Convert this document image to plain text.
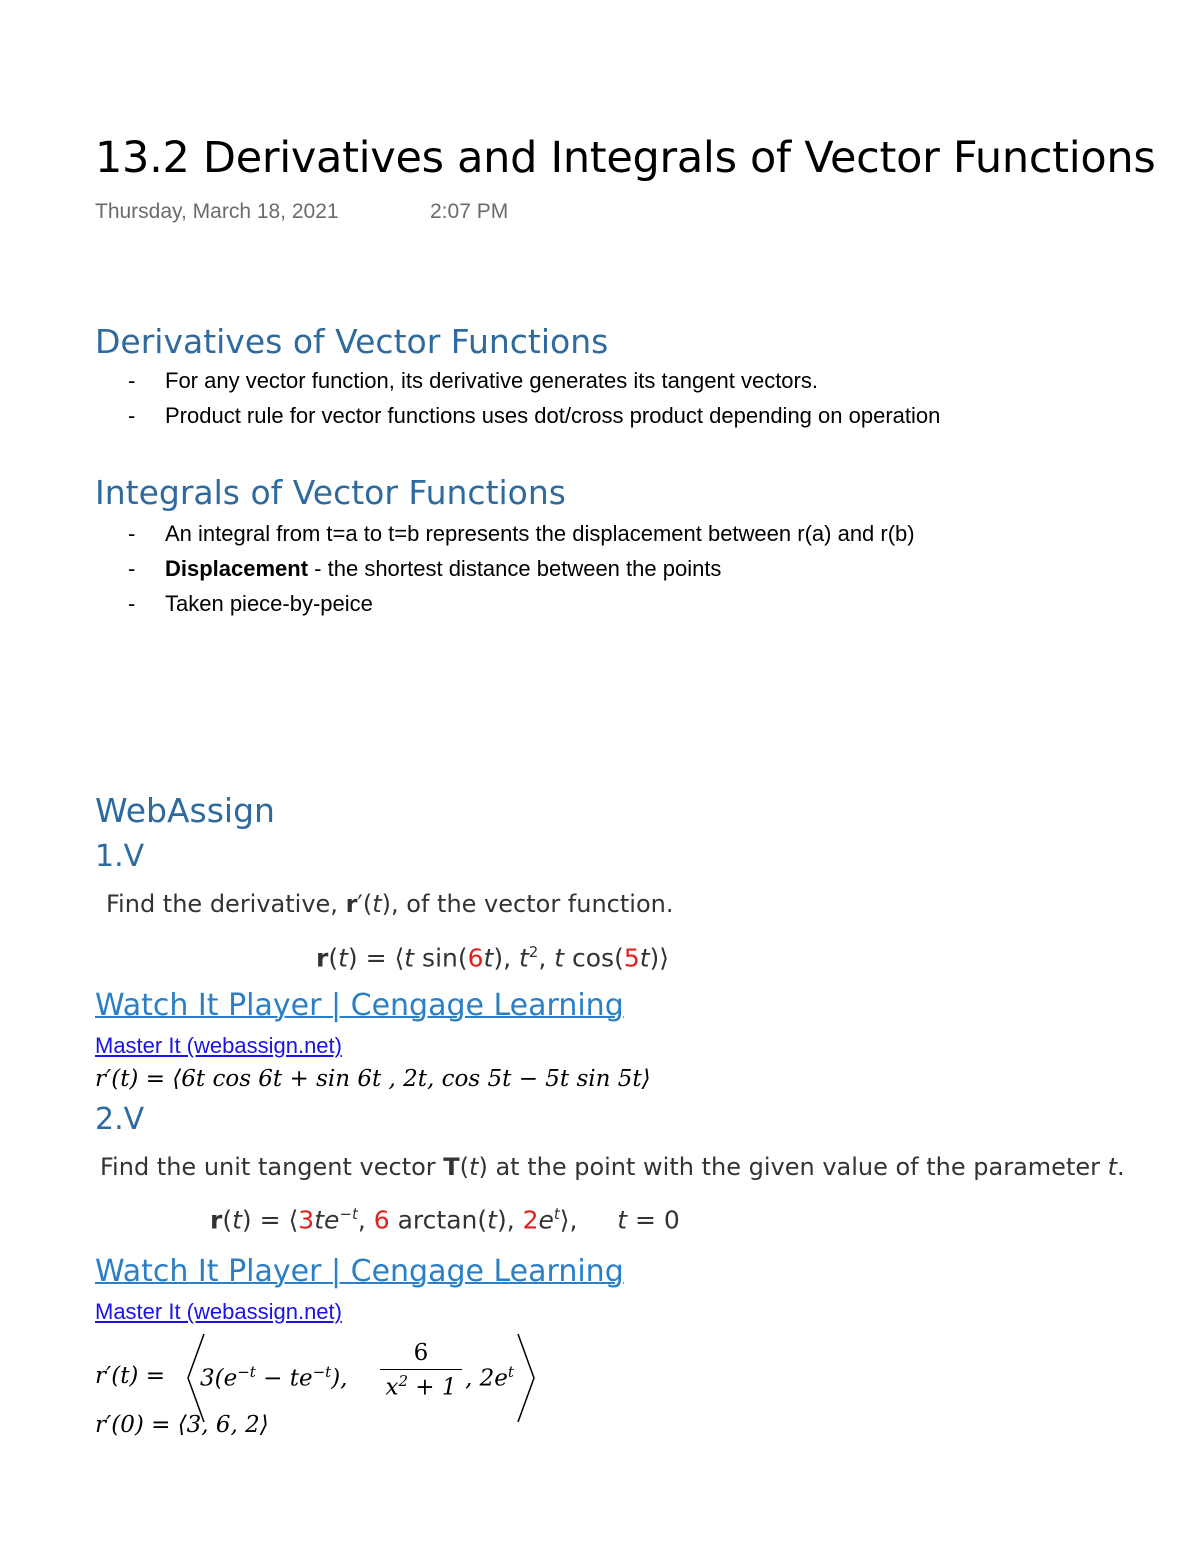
13.2 Derivatives and Integrals of Vector Functions
Thursday, March 18, 2021	2:07 PM
Derivatives of Vector Functions
- For any vector function, its derivative generates its tangent vectors.
- Product rule for vector functions uses dot/cross product depending on operation
Integrals of Vector Functions
- An integral from t=a to t=b represents the displacement between r(a) and r(b)
- Displacement - the shortest distance between the points
- Taken piece-by-peice
WebAssign
1.V
Find the derivative, r′(t), of the vector function.
r(t) = ⟨t sin(6t), $t^2$, t cos(5t)⟩
Watch It Player | Cengage Learning
Master It (webassign.net)
r′(t) = ⟨6t cos 6t + sin 6t , 2t, cos 5t − 5t sin 5t⟩
2.V
Find the unit tangent vector T(t) at the point with the given value of the parameter t.
$r(t) = ⟨3te^{-t}$, 6 arctan(t), $2e^t⟩$,     t = 0
Watch It Player | Cengage Learning
Master It (webassign.net)
$r'(t) = 3(e^{-t} - te^{-t})$, $\frac{6}{x^2 + 1}$ , $2e^t$
r′(0) = ⟨3, 6, 2⟩
